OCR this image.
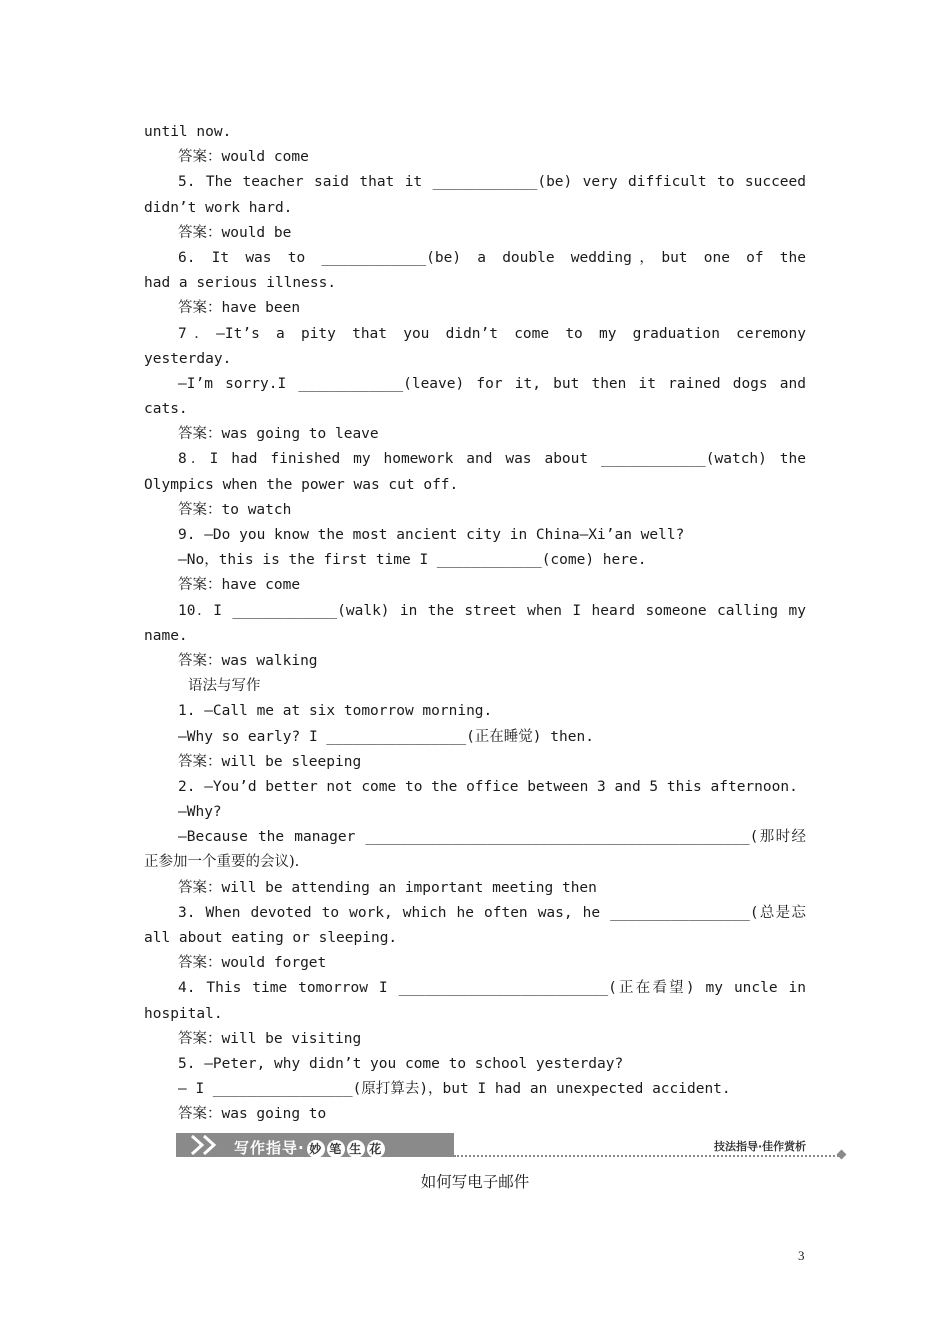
until now.
答案：would come
5. The teacher said that it ____________(be) very difficult to succeed
didn’t work hard.
答案：would be
6. It was to ____________(be) a double wedding，but one of the
had a serious illness.
答案：have been
7．—It’s a pity that you didn’t come to my graduation ceremony
yesterday.
—I’m sorry.I ____________(leave) for it, but then it rained dogs and
cats.
答案：was going to leave
8．I had finished my homework and was about ____________(watch) the
Olympics when the power was cut off.
答案：to watch
9. —Do you know the most ancient city in China—Xi’an well?
—No，this is the first time I ____________(come) here.
答案：have come
10．I ____________(walk) in the street when I heard someone calling my
name.
答案：was walking
语法与写作
1. —Call me at six tomorrow morning.
—Why so early? I ________________(正在睡觉) then.
答案：will be sleeping
2. —You’d better not come to the office between 3 and 5 this afternoon.
—Why?
—Because the manager ____________________________________________(那时经
正参加一个重要的会议).
答案：will be attending an important meeting then
3. When devoted to work, which he often was, he ________________(总是忘
all about eating or sleeping.
答案：would forget
4. This time tomorrow I ________________________(正在看望) my uncle in
hospital.
答案：will be visiting
5. —Peter, why didn’t you come to school yesterday?
— I ________________(原打算去)，but I had an unexpected accident.
答案：was going to
写作指导· 妙 笔 生 花	技法指导·佳作赏析
如何写电子邮件
3
